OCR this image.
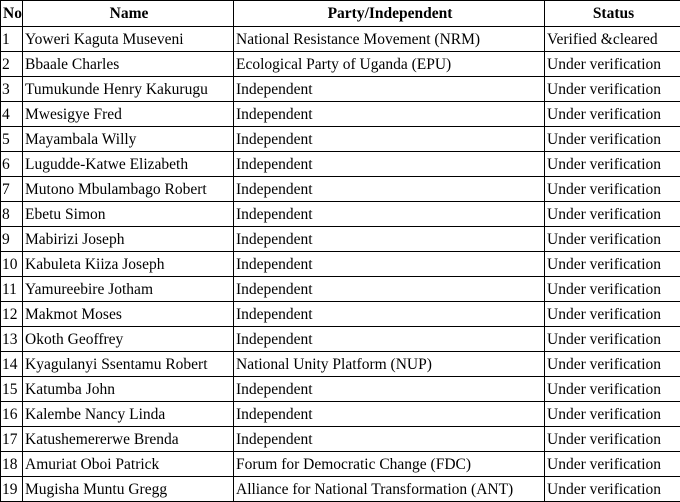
No	Name	Party/Independent	Status
1	Yoweri Kaguta Museveni	National Resistance Movement (NRM)	Verified &cleared
2	Bbaale Charles	Ecological Party of Uganda (EPU)	Under verification
3	Tumukunde Henry Kakurugu	Independent	Under verification
4	Mwesigye Fred	Independent	Under verification
5	Mayambala Willy	Independent	Under verification
6	Lugudde-Katwe Elizabeth	Independent	Under verification
7	Mutono Mbulambago Robert	Independent	Under verification
8	Ebetu Simon	Independent	Under verification
9	Mabirizi Joseph	Independent	Under verification
10	Kabuleta Kiiza Joseph	Independent	Under verification
11	Yamureebire Jotham	Independent	Under verification
12	Makmot Moses	Independent	Under verification
13	Okoth Geoffrey	Independent	Under verification
14	Kyagulanyi Ssentamu Robert	National Unity Platform (NUP)	Under verification
15	Katumba John	Independent	Under verification
16	Kalembe Nancy Linda	Independent	Under verification
17	Katushemererwe Brenda	Independent	Under verification
18	Amuriat Oboi Patrick	Forum for Democratic Change (FDC)	Under verification
19	Mugisha Muntu Gregg	Alliance for National Transformation (ANT)	Under verification
